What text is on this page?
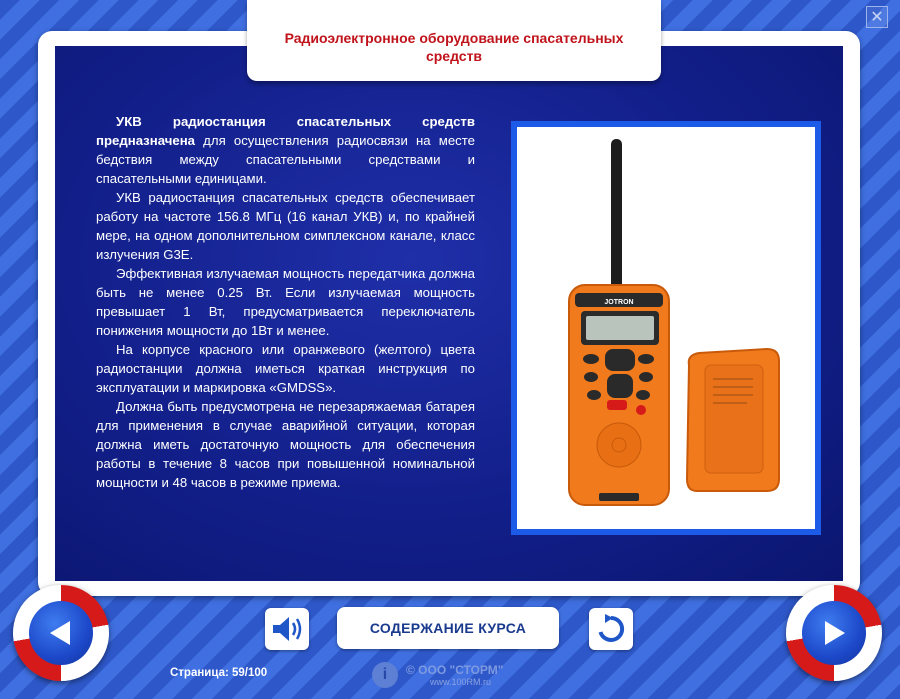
✕
Радиоэлектронное оборудование спасательных средств

УКВ радиостанция спасательных средств предназначена для осуществления радиосвязи на месте бедствия между спасательными средствами и спасательными единицами.

УКВ радиостанция спасательных средств обеспечивает работу на частоте 156.8 МГц (16 канал УКВ) и, по крайней мере, на одном дополнительном симплексном канале, класс излучения G3E.

Эффективная излучаемая мощность передатчика должна быть не менее 0.25 Вт. Если излучаемая мощность превышает 1 Вт, предусматривается переключатель понижения мощности до 1Вт и менее.

На корпусе красного или оранжевого (желтого) цвета радиостанции должна иметься краткая инструкция по эксплуатации и маркировка «GMDSS».

Должна быть предусмотрена не перезаряжаемая батарея для применения в случае аварийной ситуации, которая должна иметь достаточную мощность для обеспечения работы в течение 8 часов при повышенной номинальной мощности и 48 часов в режиме приема.

JOTRON
СОДЕРЖАНИЕ КУРСА
Страница: 59/100	i	© ООО "СТОРМ"
www.100RM.ru
